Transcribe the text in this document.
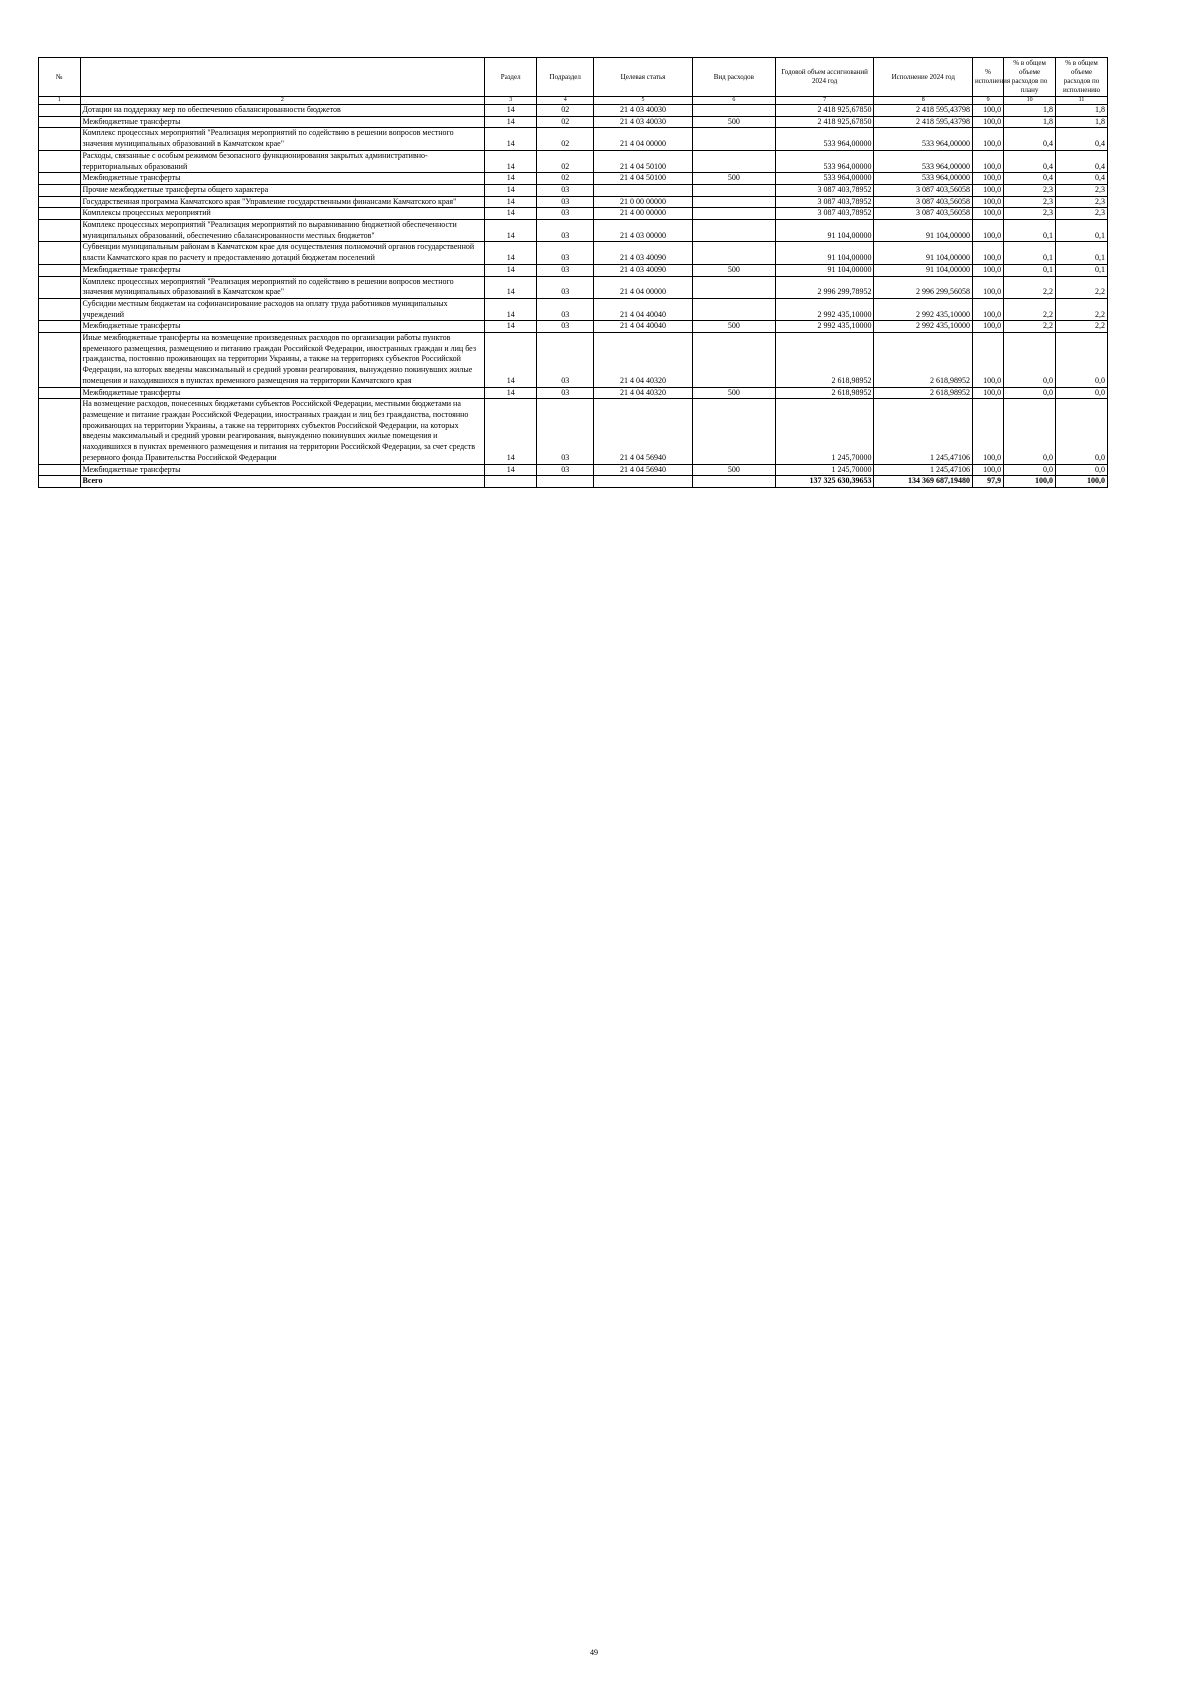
№		Раздел	Подраздел	Целевая статья	Вид расходов	Годовой объем ассигнований 2024 год	Исполнение 2024 год	% исполнения	% в общем объеме расходов по плану	% в общем объеме расходов по исполнению
1	2	3	4	5	6	7	8	9	10	11
	Дотации на поддержку мер по обеспечению сбалансированности бюджетов	14	02	21 4 03 40030		2 418 925,67850	2 418 595,43798	100,0	1,8	1,8
	Межбюджетные трансферты	14	02	21 4 03 40030	500	2 418 925,67850	2 418 595,43798	100,0	1,8	1,8
	Комплекс процессных мероприятий "Реализация мероприятий по содействию в решении вопросов местного значения муниципальных образований в Камчатском крае"	14	02	21 4 04 00000		533 964,00000	533 964,00000	100,0	0,4	0,4
	Расходы, связанные с особым режимом безопасного функционирования закрытых административно-территориальных образований	14	02	21 4 04 50100		533 964,00000	533 964,00000	100,0	0,4	0,4
	Межбюджетные трансферты	14	02	21 4 04 50100	500	533 964,00000	533 964,00000	100,0	0,4	0,4
	Прочие межбюджетные трансферты общего характера	14	03			3 087 403,78952	3 087 403,56058	100,0	2,3	2,3
	Государственная программа Камчатского края "Управление государственными финансами Камчатского края"	14	03	21 0 00 00000		3 087 403,78952	3 087 403,56058	100,0	2,3	2,3
	Комплексы процессных мероприятий	14	03	21 4 00 00000		3 087 403,78952	3 087 403,56058	100,0	2,3	2,3
	Комплекс процессных мероприятий "Реализация мероприятий по выравниванию бюджетной обеспеченности муниципальных образований, обеспечению сбалансированности местных бюджетов"	14	03	21 4 03 00000		91 104,00000	91 104,00000	100,0	0,1	0,1
	Субвенции муниципальным районам в Камчатском крае для осуществления полномочий органов государственной власти Камчатского края по расчету и предоставлению дотаций бюджетам поселений	14	03	21 4 03 40090		91 104,00000	91 104,00000	100,0	0,1	0,1
	Межбюджетные трансферты	14	03	21 4 03 40090	500	91 104,00000	91 104,00000	100,0	0,1	0,1
	Комплекс процессных мероприятий "Реализация мероприятий по содействию в решении вопросов местного значения муниципальных образований в Камчатском крае"	14	03	21 4 04 00000		2 996 299,78952	2 996 299,56058	100,0	2,2	2,2
	Субсидии местным бюджетам на софинансирование расходов на оплату труда работников муниципальных учреждений	14	03	21 4 04 40040		2 992 435,10000	2 992 435,10000	100,0	2,2	2,2
	Межбюджетные трансферты	14	03	21 4 04 40040	500	2 992 435,10000	2 992 435,10000	100,0	2,2	2,2
	Иные межбюджетные трансферты на возмещение произведенных расходов по организации работы пунктов временного размещения, размещению и питанию граждан Российской Федерации, иностранных граждан и лиц без гражданства, постоянно проживающих на территории Украины, а также на территориях субъектов Российской Федерации, на которых введены максимальный и средний уровни реагирования, вынужденно покинувших жилые помещения и находившихся в пунктах временного размещения на территории Камчатского края	14	03	21 4 04 40320		2 618,98952	2 618,98952	100,0	0,0	0,0
	Межбюджетные трансферты	14	03	21 4 04 40320	500	2 618,98952	2 618,98952	100,0	0,0	0,0
	На возмещение расходов, понесенных бюджетами субъектов Российской Федерации, местными бюджетами на размещение и питание граждан Российской Федерации, иностранных граждан и лиц без гражданства, постоянно проживающих на территории Украины, а также на территориях субъектов Российской Федерации, на которых введены максимальный и средний уровни реагирования, вынужденно покинувших жилые помещения и находившихся в пунктах временного размещения и питания на территории Российской Федерации, за счет средств резервного фонда Правительства Российской Федерации	14	03	21 4 04 56940		1 245,70000	1 245,47106	100,0	0,0	0,0
	Межбюджетные трансферты	14	03	21 4 04 56940	500	1 245,70000	1 245,47106	100,0	0,0	0,0
	Всего					137 325 630,39653	134 369 687,19480	97,9	100,0	100,0
49
